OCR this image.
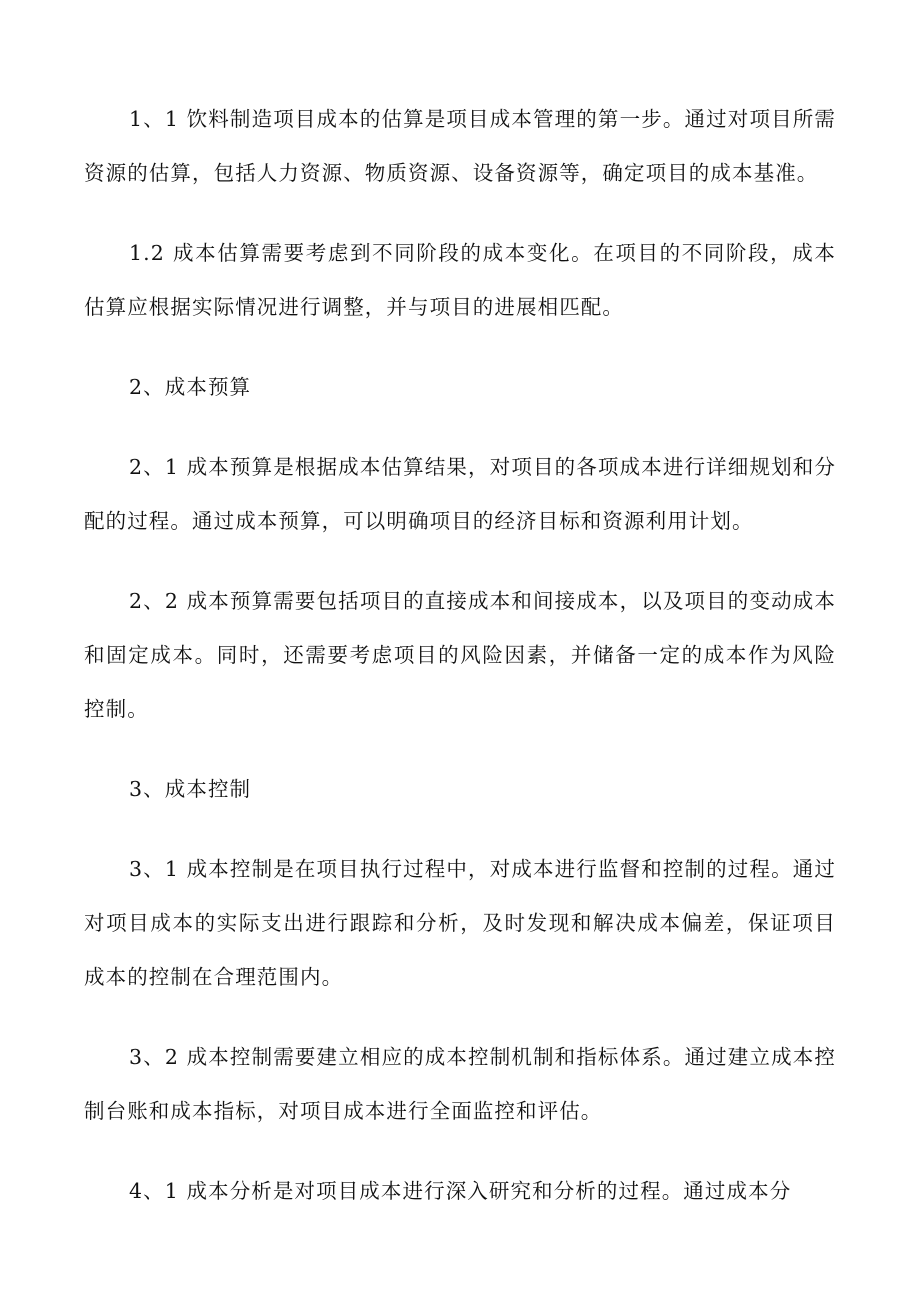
1、1 饮料制造项目成本的估算是项目成本管理的第一步。通过对项目所需资源的估算，包括人力资源、物质资源、设备资源等，确定项目的成本基准。

1.2 成本估算需要考虑到不同阶段的成本变化。在项目的不同阶段，成本估算应根据实际情况进行调整，并与项目的进展相匹配。

2、成本预算

2、1 成本预算是根据成本估算结果，对项目的各项成本进行详细规划和分配的过程。通过成本预算，可以明确项目的经济目标和资源利用计划。

2、2 成本预算需要包括项目的直接成本和间接成本，以及项目的变动成本和固定成本。同时，还需要考虑项目的风险因素，并储备一定的成本作为风险控制。

3、成本控制

3、1 成本控制是在项目执行过程中，对成本进行监督和控制的过程。通过对项目成本的实际支出进行跟踪和分析，及时发现和解决成本偏差，保证项目成本的控制在合理范围内。

3、2 成本控制需要建立相应的成本控制机制和指标体系。通过建立成本控制台账和成本指标，对项目成本进行全面监控和评估。

4、1 成本分析是对项目成本进行深入研究和分析的过程。通过成本分
